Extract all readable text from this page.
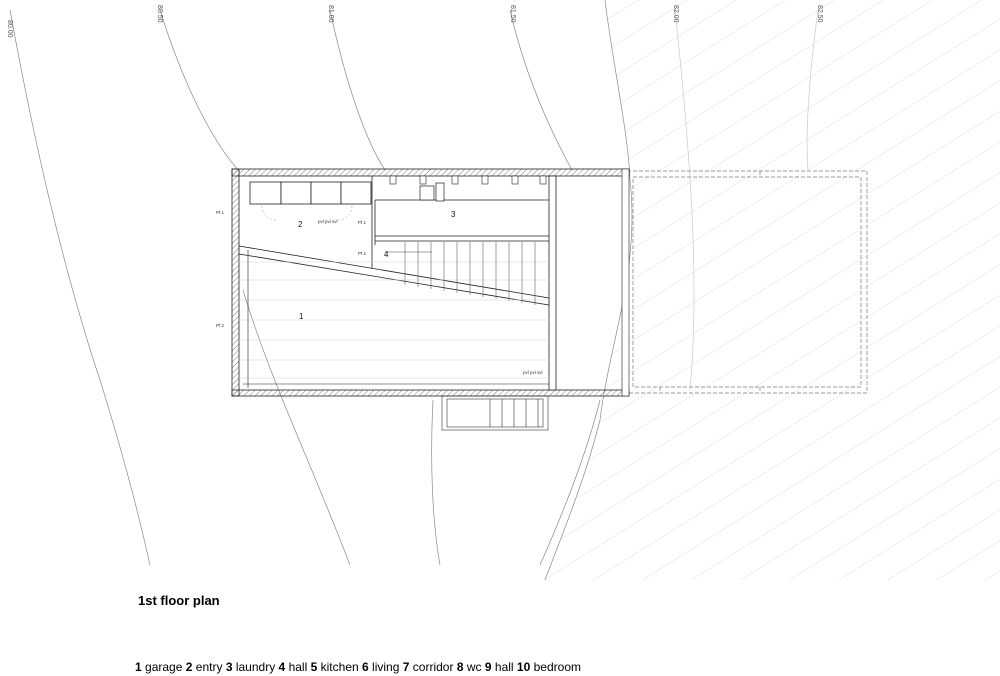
80.00
80.50	81.00	81.50	82.00	82.50
1
2
3
4
Pf.1
Pf.2
Pf.1
Pf.1
pvl pvl svl
pvl pvl svl
1st floor plan
1 garage 2 entry 3 laundry 4 hall 5 kitchen 6 living 7 corridor 8 wc 9 hall 10 bedroom
